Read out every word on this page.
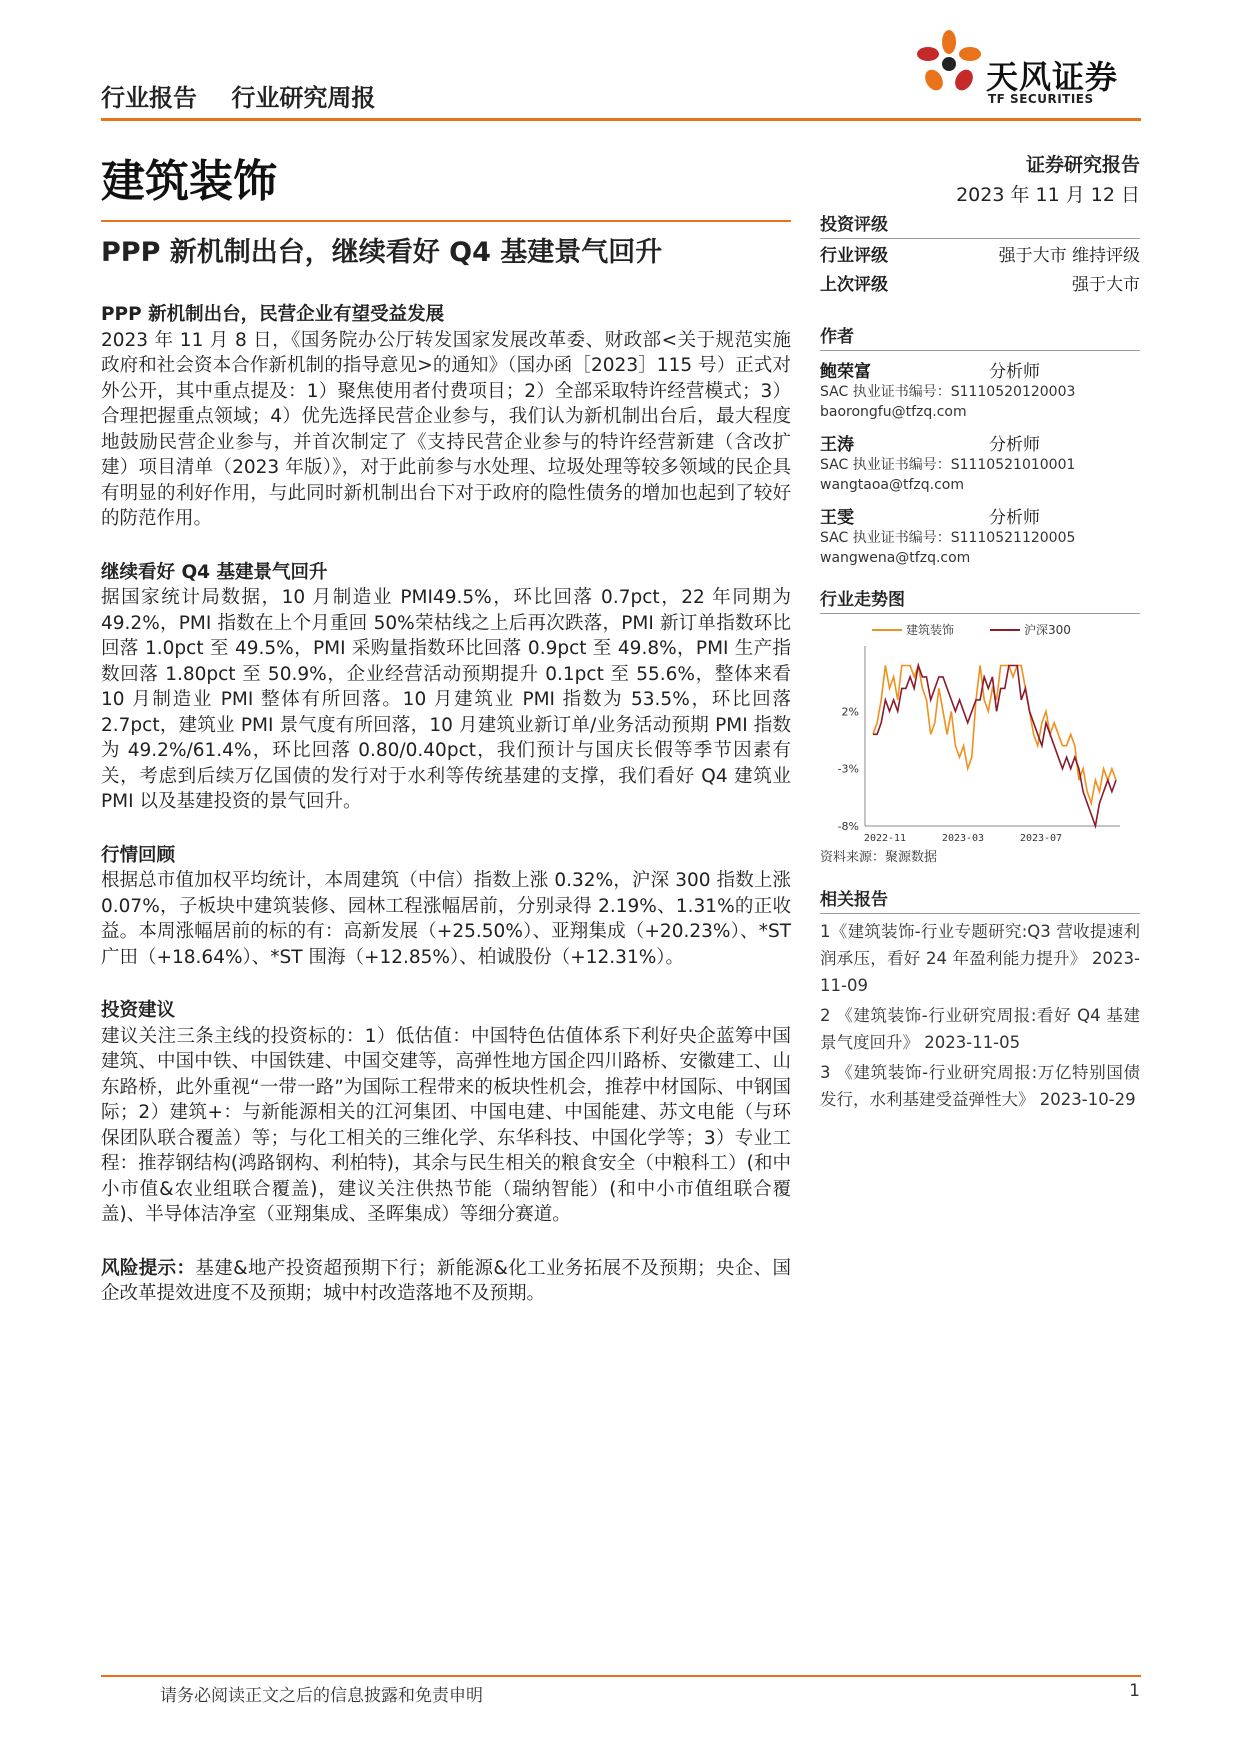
行业报告 行业研究周报
天风证券
TF SECURITIES
建筑装饰	证券研究报告
2023 年 11 月 12 日
PPP 新机制出台，继续看好 Q4 基建景气回升
PPP 新机制出台，民营企业有望受益发展

2023 年 11 月 8 日，《国务院办公厅转发国家发展改革委、财政部<关于规范实施政府和社会资本合作新机制的指导意见>的通知》（国办函［2023］115 号）正式对外公开，其中重点提及：1）聚焦使用者付费项目；2）全部采取特许经营模式；3）合理把握重点领域；4）优先选择民营企业参与，我们认为新机制出台后，最大程度地鼓励民营企业参与，并首次制定了《支持民营企业参与的特许经营新建（含改扩建）项目清单（2023 年版）》，对于此前参与水处理、垃圾处理等较多领域的民企具有明显的利好作用，与此同时新机制出台下对于政府的隐性债务的增加也起到了较好的防范作用。

继续看好 Q4 基建景气回升

据国家统计局数据，10 月制造业 PMI49.5%，环比回落 0.7pct，22 年同期为 49.2%，PMI 指数在上个月重回 50%荣枯线之上后再次跌落，PMI 新订单指数环比回落 1.0pct 至 49.5%，PMI 采购量指数环比回落 0.9pct 至 49.8%，PMI 生产指数回落 1.80pct 至 50.9%，企业经营活动预期提升 0.1pct 至 55.6%，整体来看 10 月制造业 PMI 整体有所回落。10 月建筑业 PMI 指数为 53.5%，环比回落 2.7pct，建筑业 PMI 景气度有所回落，10 月建筑业新订单/业务活动预期 PMI 指数为 49.2%/61.4%，环比回落 0.80/0.40pct，我们预计与国庆长假等季节因素有关，考虑到后续万亿国债的发行对于水利等传统基建的支撑，我们看好 Q4 建筑业 PMI 以及基建投资的景气回升。

行情回顾

根据总市值加权平均统计，本周建筑（中信）指数上涨 0.32%，沪深 300 指数上涨 0.07%，子板块中建筑装修、园林工程涨幅居前，分别录得 2.19%、1.31%的正收益。本周涨幅居前的标的有：高新发展（+25.50%）、亚翔集成（+20.23%）、*ST 广田（+18.64%）、*ST 围海（+12.85%）、柏诚股份（+12.31%）。

投资建议

建议关注三条主线的投资标的：1）低估值：中国特色估值体系下利好央企蓝筹中国建筑、中国中铁、中国铁建、中国交建等，高弹性地方国企四川路桥、安徽建工、山东路桥，此外重视“一带一路”为国际工程带来的板块性机会，推荐中材国际、中钢国际；2）建筑+：与新能源相关的江河集团、中国电建、中国能建、苏文电能（与环保团队联合覆盖）等；与化工相关的三维化学、东华科技、中国化学等；3）专业工程：推荐钢结构(鸿路钢构、利柏特)，其余与民生相关的粮食安全（中粮科工）(和中小市值&农业组联合覆盖)，建议关注供热节能（瑞纳智能）(和中小市值组联合覆盖)、半导体洁净室（亚翔集成、圣晖集成）等细分赛道。

风险提示：基建&地产投资超预期下行；新能源&化工业务拓展不及预期；央企、国企改革提效进度不及预期；城中村改造落地不及预期。

投资评级
行业评级	强于大市 维持评级
上次评级	强于大市
作者
鲍荣富	分析师
SAC 执业证书编号：S1110520120003
baorongfu@tfzq.com
王涛	分析师
SAC 执业证书编号：S1110521010001
wangtaoa@tfzq.com
王雯	分析师
SAC 执业证书编号：S1110521120005
wangwena@tfzq.com
行业走势图
建筑装饰	沪深300
2%
-3%
-8%
2022-11	2023-03	2023-07
资料来源：聚源数据
相关报告
1《建筑装饰-行业专题研究:Q3 营收提速利润承压，看好 24 年盈利能力提升》 2023-11-09
2 《建筑装饰-行业研究周报:看好 Q4 基建景气度回升》 2023-11-05
3 《建筑装饰-行业研究周报:万亿特别国债发行，水利基建受益弹性大》 2023-10-29
请务必阅读正文之后的信息披露和免责申明	1
